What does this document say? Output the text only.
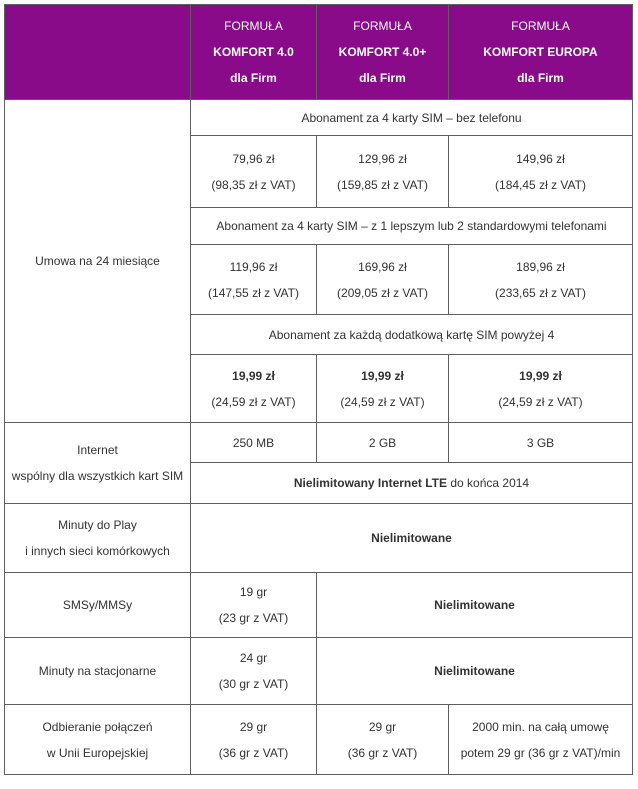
	FORMUŁA
KOMFORT 4.0
dla Firm	FORMUŁA
KOMFORT 4.0+
dla Firm	FORMUŁA
KOMFORT EUROPA
dla Firm

Umowa na 24 miesiące	Abonament za 4 karty SIM – bez telefonu		

	79,96 zł
(98,35 zł z VAT)	129,96 zł
(159,85 zł z VAT)	149,96 zł
(184,45 zł z VAT)

	Abonament za 4 karty SIM – z 1 lepszym lub 2 standardowymi telefonami		

	119,96 zł
(147,55 zł z VAT)	169,96 zł
(209,05 zł z VAT)	189,96 zł
(233,65 zł z VAT)

	Abonament za każdą dodatkową kartę SIM powyżej 4		

	19,99 zł
(24,59 zł z VAT)	19,99 zł
(24,59 zł z VAT)	19,99 zł
(24,59 zł z VAT)

Internet
wspólny dla wszystkich kart SIM	250 MB	2 GB	3 GB
	Nielimitowany Internet LTE do końca 2014		

Minuty do Play
i innych sieci komórkowych	Nielimitowane		
SMSy/MMSy	19 gr
(23 gr z VAT)	Nielimitowane	
Minuty na stacjonarne	24 gr
(30 gr z VAT)	Nielimitowane	

Odbieranie połączeń
w Unii Europejskiej	29 gr
(36 gr z VAT)	29 gr
(36 gr z VAT)	2000 min. na całą umowę
potem 29 gr (36 gr z VAT)/min
